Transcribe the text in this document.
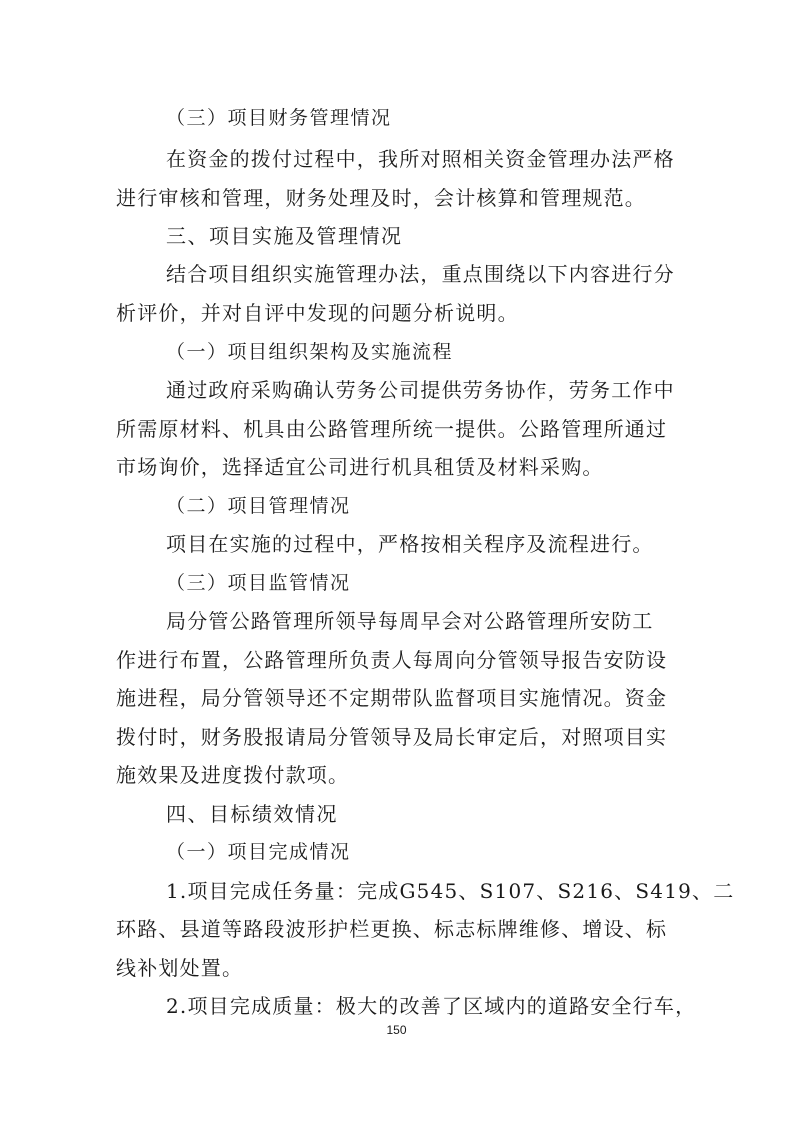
（三）项目财务管理情况

在资金的拨付过程中，我所对照相关资金管理办法严格

进行审核和管理，财务处理及时，会计核算和管理规范。

三、项目实施及管理情况

结合项目组织实施管理办法，重点围绕以下内容进行分

析评价，并对自评中发现的问题分析说明。

（一）项目组织架构及实施流程

通过政府采购确认劳务公司提供劳务协作，劳务工作中

所需原材料、机具由公路管理所统一提供。公路管理所通过

市场询价，选择适宜公司进行机具租赁及材料采购。

（二）项目管理情况

项目在实施的过程中，严格按相关程序及流程进行。

（三）项目监管情况

局分管公路管理所领导每周早会对公路管理所安防工

作进行布置，公路管理所负责人每周向分管领导报告安防设

施进程，局分管领导还不定期带队监督项目实施情况。资金

拨付时，财务股报请局分管领导及局长审定后，对照项目实

施效果及进度拨付款项。

四、目标绩效情况

（一）项目完成情况

1.项目完成任务量：完成G545、S107、S216、S419、二

环路、县道等路段波形护栏更换、标志标牌维修、增设、标

线补划处置。

2.项目完成质量：极大的改善了区域内的道路安全行车，

150
